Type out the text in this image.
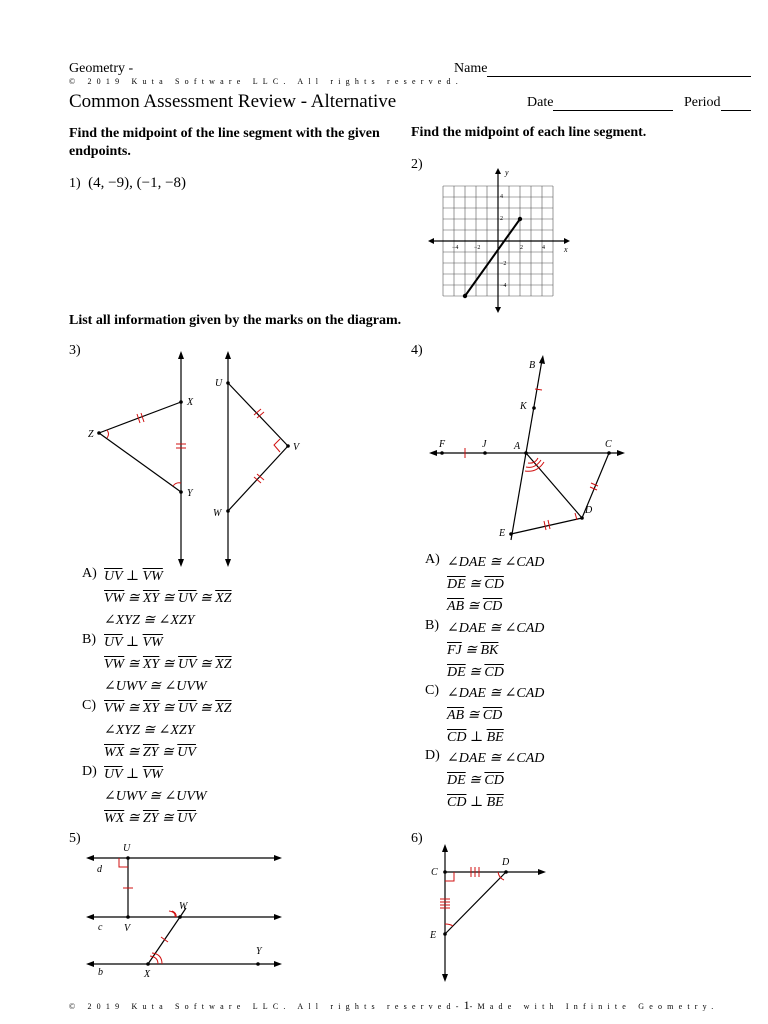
Geometry -
© 2019 Kuta Software LLC. All rights reserved.
Name
Common Assessment Review - Alternative	Date	Period
Find the midpoint of the line segment with the given endpoints.
Find the midpoint of each line segment.
1) (4, −9), (−1, −8)
2)
x
y
−4	−2	2	4
4
2
−2
−4
List all information given by the marks on the diagram.
3)
Z
X
Y
U
V
W
A) $\overline{UV}$ ⊥ $\overline{VW}$
$\overline{VW}$ ≅ $\overline{XY}$ ≅ $\overline{UV}$ ≅ $\overline{XZ}$
∠XYZ ≅ ∠XZY
B) $\overline{UV}$ ⊥ $\overline{VW}$
$\overline{VW}$ ≅ $\overline{XY}$ ≅ $\overline{UV}$ ≅ $\overline{XZ}$
∠UWV ≅ ∠UVW
C) $\overline{VW}$ ≅ $\overline{XY}$ ≅ $\overline{UV}$ ≅ $\overline{XZ}$
∠XYZ ≅ ∠XZY
$\overline{WX}$ ≅ $\overline{ZY}$ ≅ $\overline{UV}$
D) $\overline{UV}$ ⊥ $\overline{VW}$
∠UWV ≅ ∠UVW
$\overline{WX}$ ≅ $\overline{ZY}$ ≅ $\overline{UV}$
4)
B
K
F	J	A	C
D
E
A) ∠DAE ≅ ∠CAD
$\overline{DE}$ ≅ $\overline{CD}$
$\overline{AB}$ ≅ $\overline{CD}$
B) ∠DAE ≅ ∠CAD
$\overline{FJ}$ ≅ $\overline{BK}$
$\overline{DE}$ ≅ $\overline{CD}$
C) ∠DAE ≅ ∠CAD
$\overline{AB}$ ≅ $\overline{CD}$
$\overline{CD}$ ⊥ $\overline{BE}$
D) ∠DAE ≅ ∠CAD
$\overline{DE}$ ≅ $\overline{CD}$
$\overline{CD}$ ⊥ $\overline{BE}$
5)
U
d
W
c V
Y
b	X
6)
C
D
E
© 2019 Kuta Software LLC. All rights reserved-1-Made with Infinite Geometry.
